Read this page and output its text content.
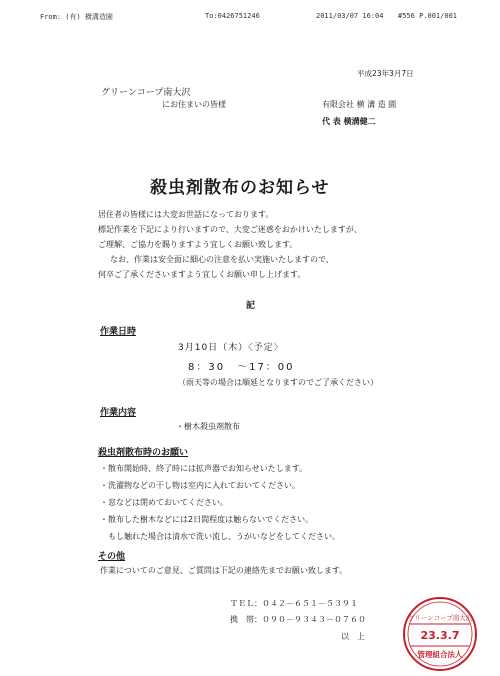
From: (有) 横溝造園	To:0426751246	2011/03/07 16:04 #556 P.001/001
平成23年3月7日
グリーンコープ南大沢
にお住まいの皆様	有限会社 横 溝 造 園
代 表 横溝健二
殺虫剤散布のお知らせ
居住者の皆様には大変お世話になっております。
標記作業を下記により行いますので、大変ご迷惑をおかけいたしますが、
ご理解、ご協力を賜りますよう宜しくお願い致します。
なお、作業は安全面に細心の注意を払い実施いたしますので、
何卒ご了承くださいますよう宜しくお願い申し上げます。
記
作業日時
3月10日（木）〈予定〉
8：30　～17：00
（雨天等の場合は順延となりますのでご了承ください）
作業内容
・樹木殺虫剤散布
殺虫剤散布時のお願い
・散布開始時、終了時には拡声器でお知らせいたします。
・洗濯物などの干し物は室内に入れておいてください。
・窓などは閉めておいてください。
・散布した樹木などには2日間程度は触らないでください。
もし触れた場合は清水で洗い流し、うがいなどをしてください。
その他
作業についてのご意見、ご質問は下記の連絡先までお願い致します。
ＴＥＬ：０４２－６５１－５３９１
携　帯：０９０－９３４３－０７６０
以　上
グリーンコープ南大沢
23.3.7
管理組合法人
